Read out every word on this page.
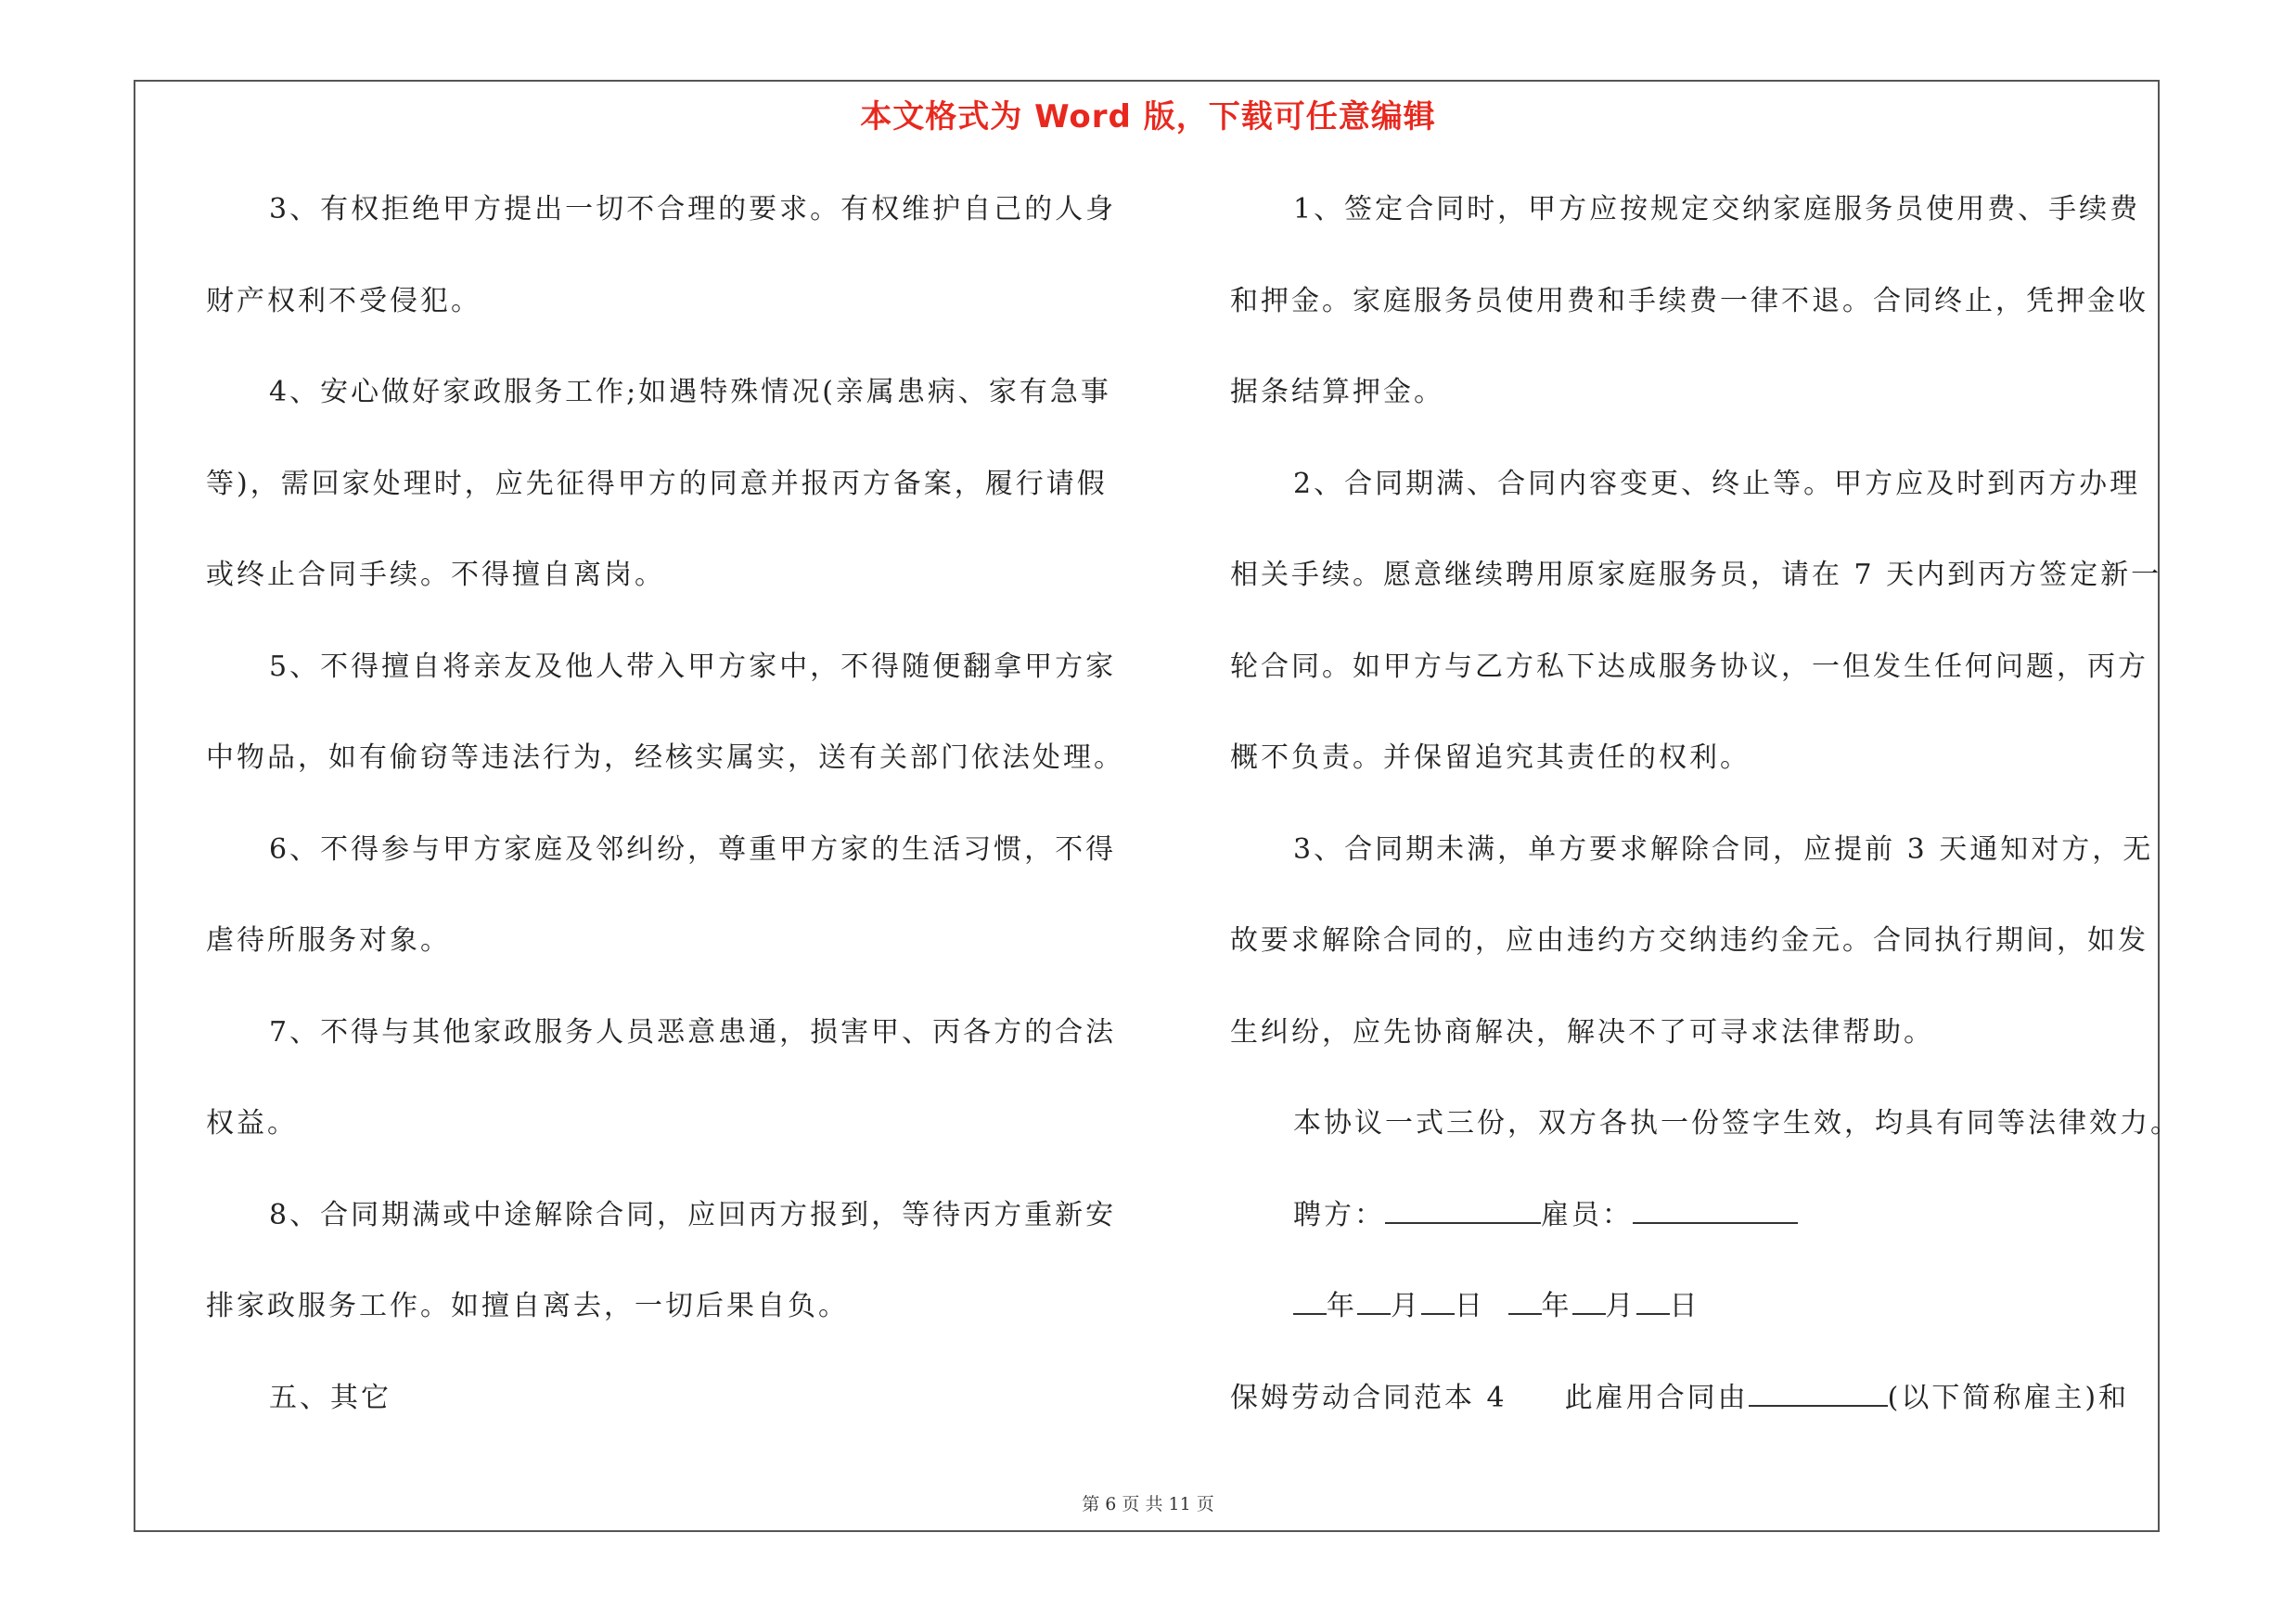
本文格式为 Word 版，下载可任意编辑
3、有权拒绝甲方提出一切不合理的要求。有权维护自己的人身
财产权利不受侵犯。
4、安心做好家政服务工作;如遇特殊情况(亲属患病、家有急事
等)，需回家处理时，应先征得甲方的同意并报丙方备案，履行请假
或终止合同手续。不得擅自离岗。
5、不得擅自将亲友及他人带入甲方家中，不得随便翻拿甲方家
中物品，如有偷窃等违法行为，经核实属实，送有关部门依法处理。
6、不得参与甲方家庭及邻纠纷，尊重甲方家的生活习惯，不得
虐待所服务对象。
7、不得与其他家政服务人员恶意患通，损害甲、丙各方的合法
权益。
8、合同期满或中途解除合同，应回丙方报到，等待丙方重新安
排家政服务工作。如擅自离去，一切后果自负。
五、其它
1、签定合同时，甲方应按规定交纳家庭服务员使用费、手续费
和押金。家庭服务员使用费和手续费一律不退。合同终止，凭押金收
据条结算押金。
2、合同期满、合同内容变更、终止等。甲方应及时到丙方办理
相关手续。愿意继续聘用原家庭服务员，请在 7 天内到丙方签定新一
轮合同。如甲方与乙方私下达成服务协议，一但发生任何问题，丙方
概不负责。并保留追究其责任的权利。
3、合同期未满，单方要求解除合同，应提前 3 天通知对方，无
故要求解除合同的，应由违约方交纳违约金元。合同执行期间，如发
生纠纷，应先协商解决，解决不了可寻求法律帮助。
本协议一式三份，双方各执一份签字生效，均具有同等法律效力。
聘方：	雇员：
年 月 日 年 月 日
保姆劳动合同范本 4 此雇用合同由	(以下简称雇主)和
第 6 页 共 11 页
